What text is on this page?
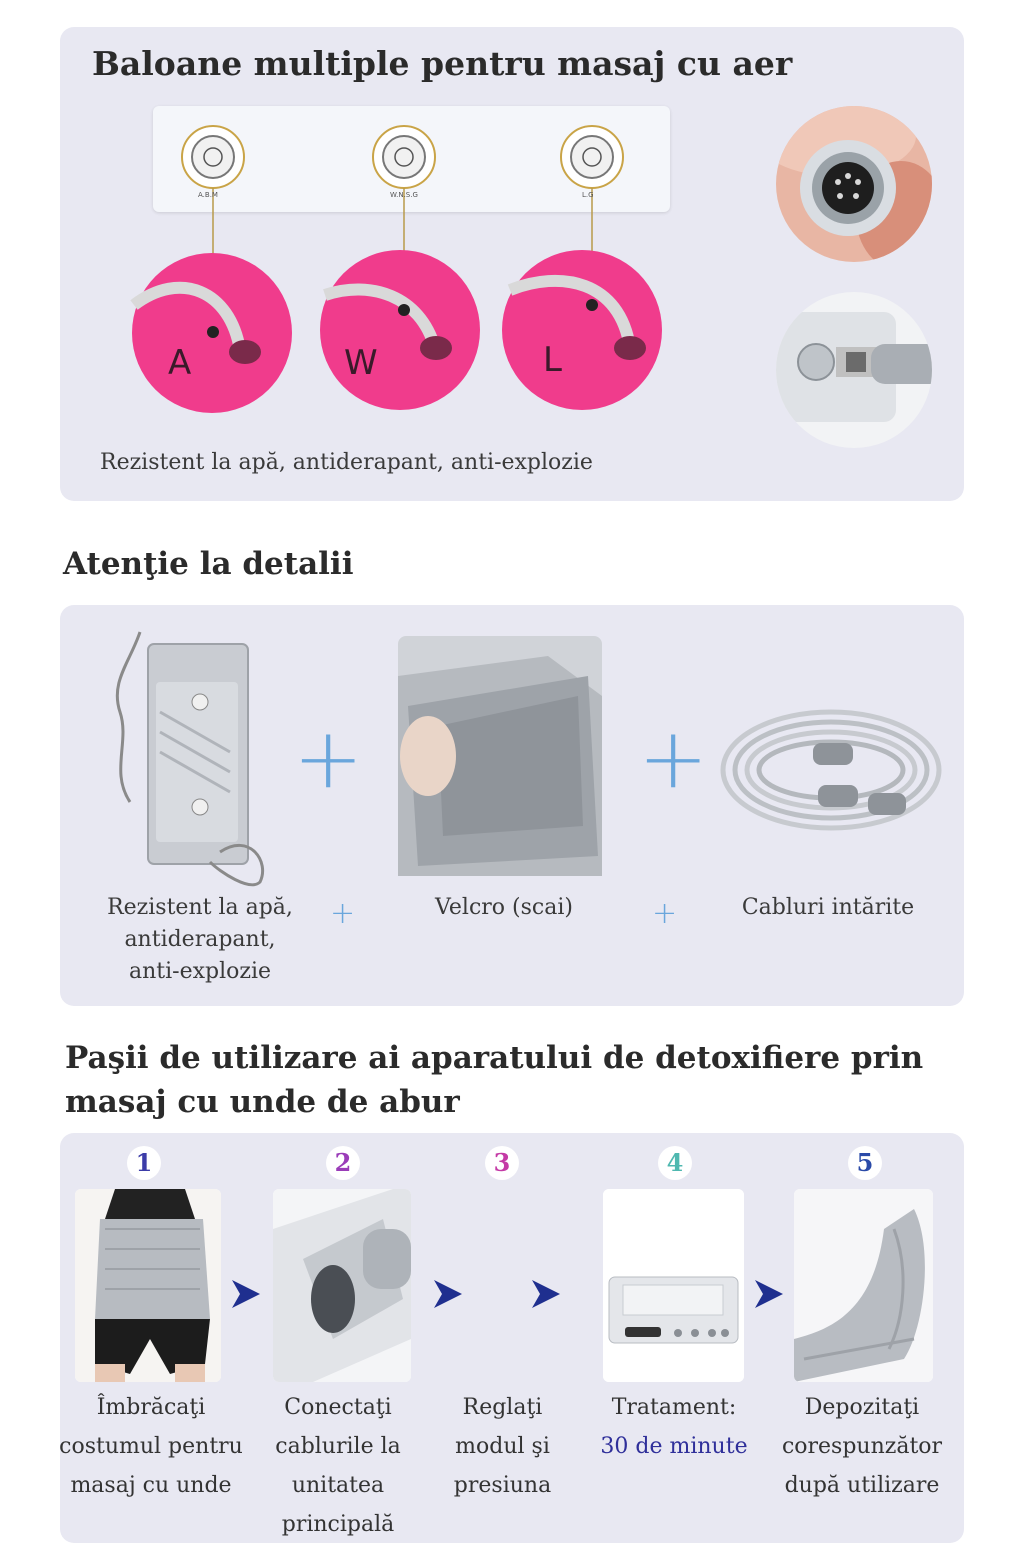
Baloane multiple pentru masaj cu aer
A	W	L
A.B.M	W.N.S.G	L.G

Rezistent la apă, antiderapant, anti-explozie

Atenţie la detalii
+	+

Rezistent la apă,
antiderapant,
anti-explozie

+	Velcro (scai)	+	Cabluri intărite

Paşii de utilizare ai aparatului de detoxifiere prin masaj cu unde de abur
1	2	3	4	5
Îmbrăcaţi
costumul pentru
masaj cu unde
Conectaţi
cablurile la
unitatea principală
Reglaţi
modul şi
presiuna
Tratament:
30 de minute
Depozitaţi
corespunzător
după utilizare
